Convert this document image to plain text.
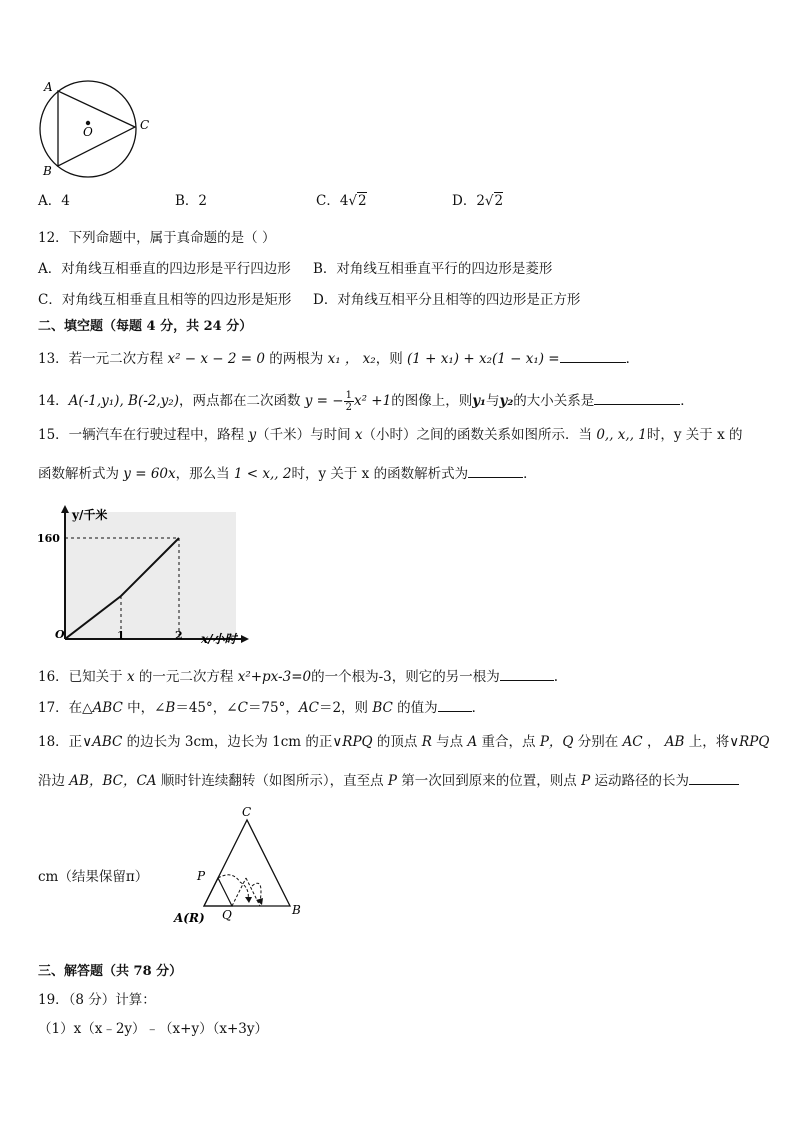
A
B
C
O
A．4	B．2	C．4√2	D．2√2
12．下列命题中，属于真命题的是（ ）
A．对角线互相垂直的四边形是平行四边形 B．对角线互相垂直平行的四边形是菱形
C．对角线互相垂直且相等的四边形是矩形 D．对角线互相平分且相等的四边形是正方形
二、填空题（每题 4 分，共 24 分）
13．若一元二次方程 x² − x − 2 = 0 的两根为 x₁ ， x₂，则 (1 + x₁) + x₂(1 − x₁) =	．
14．A(-1,y₁), B(-2,y₂)，两点都在二次函数 y = − $\frac{1}{2} x^2 +1$的图像上，则y₁与y₂的大小关系是	．
15．一辆汽车在行驶过程中，路程 y（千米）与时间 x（小时）之间的函数关系如图所示．当 0,, x,, 1时，y 关于 x 的
函数解析式为 y = 60x，那么当 1 < x,, 2时，y 关于 x 的函数解析式为	．
y/千米
x/小时
160
O	1	2
16．已知关于 x 的一元二次方程 x²+px-3=0的一个根为-3，则它的另一根为	.
17．在△ABC 中，∠B＝45°，∠C＝75°，AC＝2，则 BC 的值为	．
18．正∨ABC 的边长为 3cm，边长为 1cm 的正∨RPQ 的顶点 R 与点 A 重合，点 P，Q 分别在 AC ， AB 上，将∨RPQ
沿边 AB，BC，CA 顺时针连续翻转（如图所示），直至点 P 第一次回到原来的位置，则点 P 运动路径的长为
cm（结果保留π）
C
P
Q	B
A(R)
三、解答题（共 78 分）
19．（8 分）计算：
（1）x（x﹣2y）﹣（x+y）（x+3y）
